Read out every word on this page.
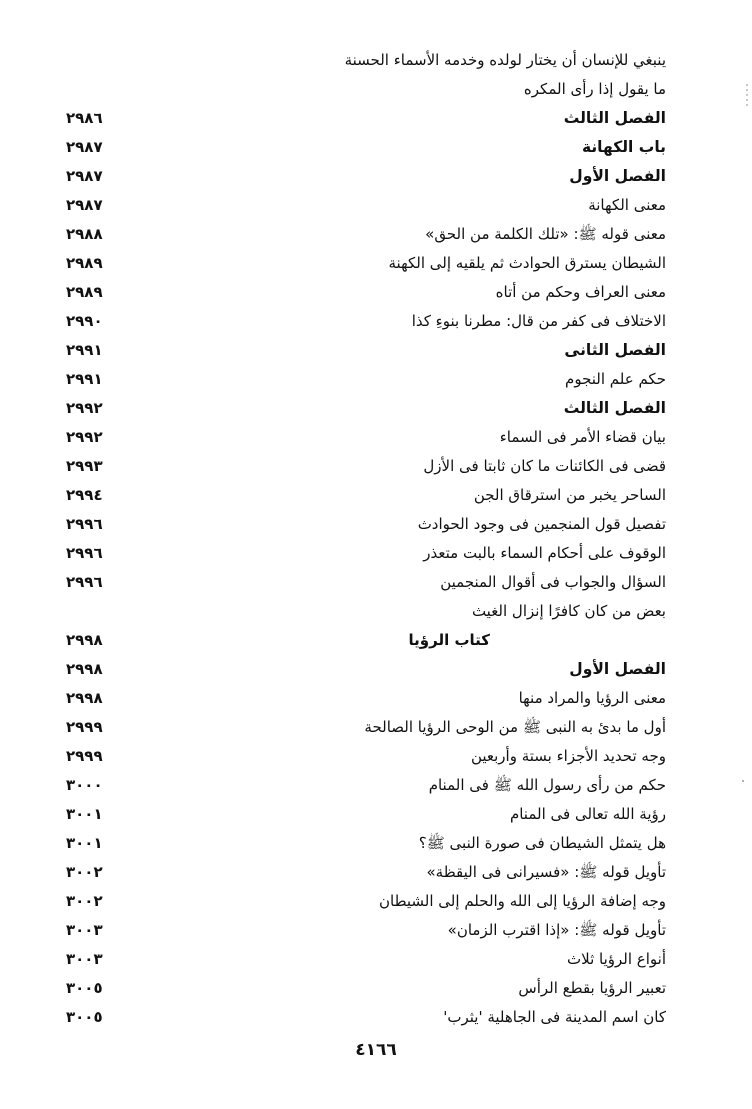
ينبغي للإنسان أن يختار لولده وخدمه الأسماء الحسنة
ما يقول إذا رأى المكره
الفصل الثالث
٢٩٨٦
باب الكهانة
٢٩٨٧
الفصل الأول
٢٩٨٧
معنى الكهانة
٢٩٨٧
معنى قوله ﷺ: «تلك الكلمة من الحق»
٢٩٨٨
الشيطان يسترق الحوادث ثم يلقيه إلى الكهنة
٢٩٨٩
معنى العراف وحكم من أتاه
٢٩٨٩
الاختلاف فى كفر من قال: مطرنا بنوءِ كذا
٢٩٩٠
الفصل الثانى
٢٩٩١
حكم علم النجوم
٢٩٩١
الفصل الثالث
٢٩٩٢
بيان قضاء الأمر فى السماء
٢٩٩٢
قضى فى الكائنات ما كان ثابتا فى الأزل
٢٩٩٣
الساحر يخبر من استرقاق الجن
٢٩٩٤
تفصيل قول المنجمين فى وجود الحوادث
٢٩٩٦
الوقوف على أحكام السماء بالبت متعذر
٢٩٩٦
السؤال والجواب فى أقوال المنجمين
٢٩٩٦
بعض من كان كافرًا إنزال الغيث
كتاب الرؤيا
٢٩٩٨
الفصل الأول
٢٩٩٨
معنى الرؤيا والمراد منها
٢٩٩٨
أول ما بدئ به النبى ﷺ من الوحى الرؤيا الصالحة
٢٩٩٩
وجه تحديد الأجزاء بستة وأربعين
٢٩٩٩
حكم من رأى رسول الله ﷺ فى المنام
٣٠٠٠
رؤية الله تعالى فى المنام
٣٠٠١
هل يتمثل الشيطان فى صورة النبى ﷺ؟
٣٠٠١
تأويل قوله ﷺ: «فسيرانى فى اليقظة»
٣٠٠٢
وجه إضافة الرؤيا إلى الله والحلم إلى الشيطان
٣٠٠٢
تأويل قوله ﷺ: «إذا اقترب الزمان»
٣٠٠٣
أنواع الرؤيا ثلاث
٣٠٠٣
تعبير الرؤيا بقطع الرأس
٣٠٠٥
كان اسم المدينة فى الجاهلية 'يثرب'
٣٠٠٥
٤١٦٦
